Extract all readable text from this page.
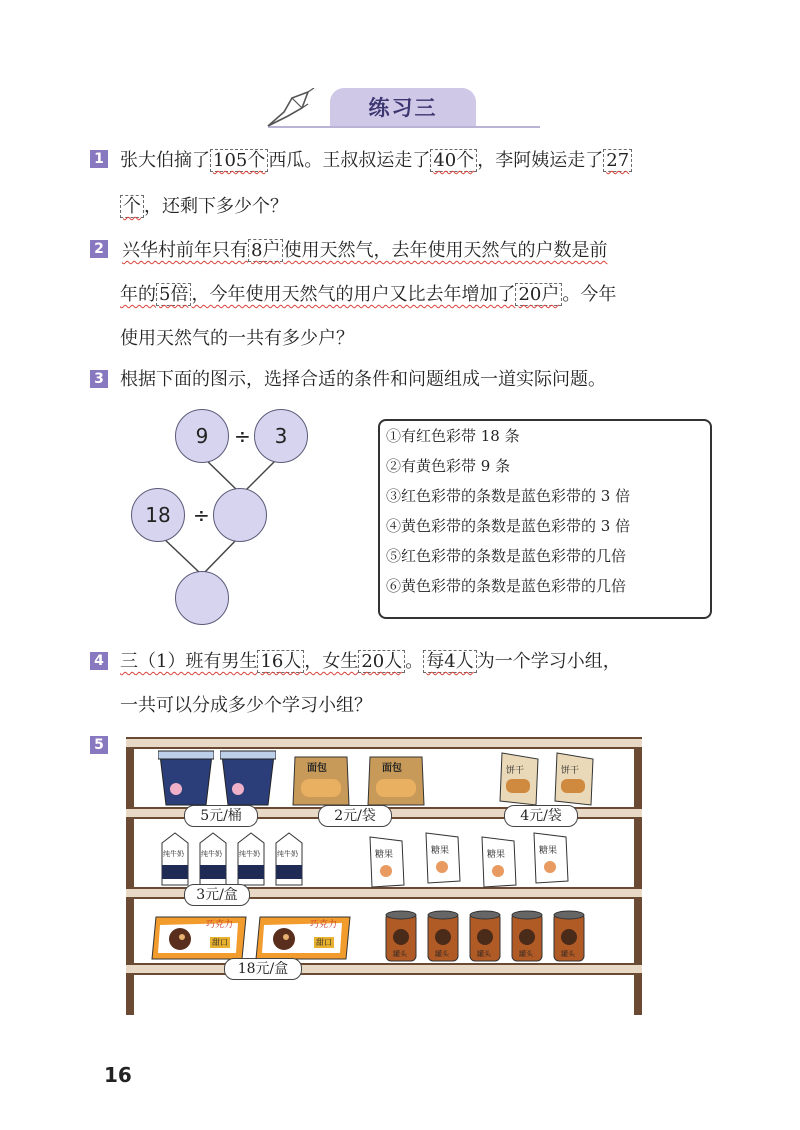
练习三
1 张大伯摘了 105个 西瓜。王叔叔运走了 40个 ，李阿姨运走了 27
个 ，还剩下多少个？
2 兴华村前年只有 8户 使用天然气，去年使用天然气的户数是前
年的 5倍 ，今年使用天然气的用户又比去年增加了 20户 。今年
使用天然气的一共有多少户？
3 根据下面的图示，选择合适的条件和问题组成一道实际问题。
9	÷	3
18	÷
①有红色彩带 18 条
②有黄色彩带 9 条
③红色彩带的条数是蓝色彩带的 3 倍
④黄色彩带的条数是蓝色彩带的 3 倍
⑤红色彩带的条数是蓝色彩带的几倍
⑥黄色彩带的条数是蓝色彩带的几倍
4 三（1）班有男生 16人 ，女生 20人 。 每4人 为一个学习小组，
一共可以分成多少个学习小组？
5
面包	面包	饼干	饼干
纯牛奶 纯牛奶 纯牛奶 纯牛奶	糖果	糖果	糖果	糖果
巧克力
甜口
巧克力
甜口
罐头	罐头	罐头	罐头	罐头
5元/桶	2元/袋	4元/袋
3元/盒
18元/盒
16
